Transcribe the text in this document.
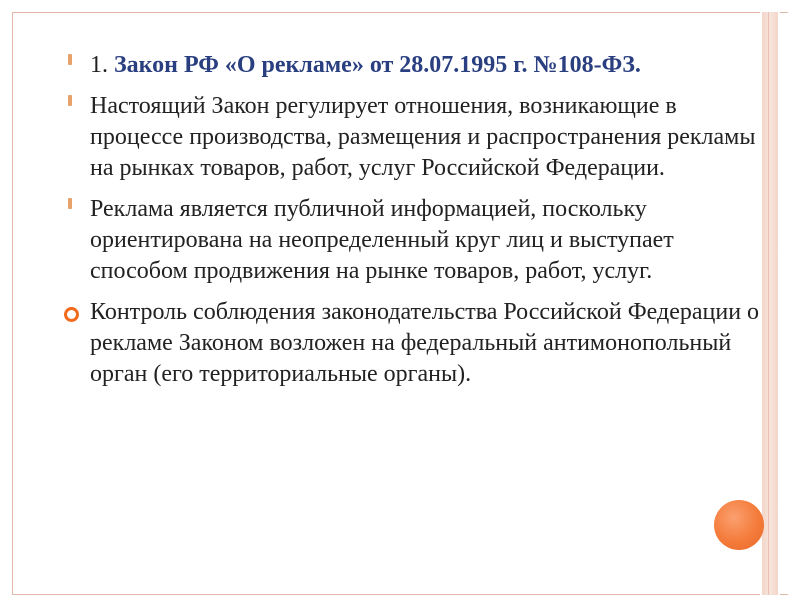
1. Закон РФ «О рекламе» от 28.07.1995 г. №108-ФЗ.
Настоящий Закон регулирует отношения, возникающие в процессе производства, размещения и распространения рекламы на рынках товаров, работ, услуг Российской Федерации.
Реклама является публичной информацией, поскольку ориентирована на неопределенный круг лиц и выступает способом продвижения на рынке товаров, работ, услуг.
Контроль соблюдения законодательства Российской Федерации о рекламе Законом возложен на федеральный антимонопольный орган (его территориальные органы).
